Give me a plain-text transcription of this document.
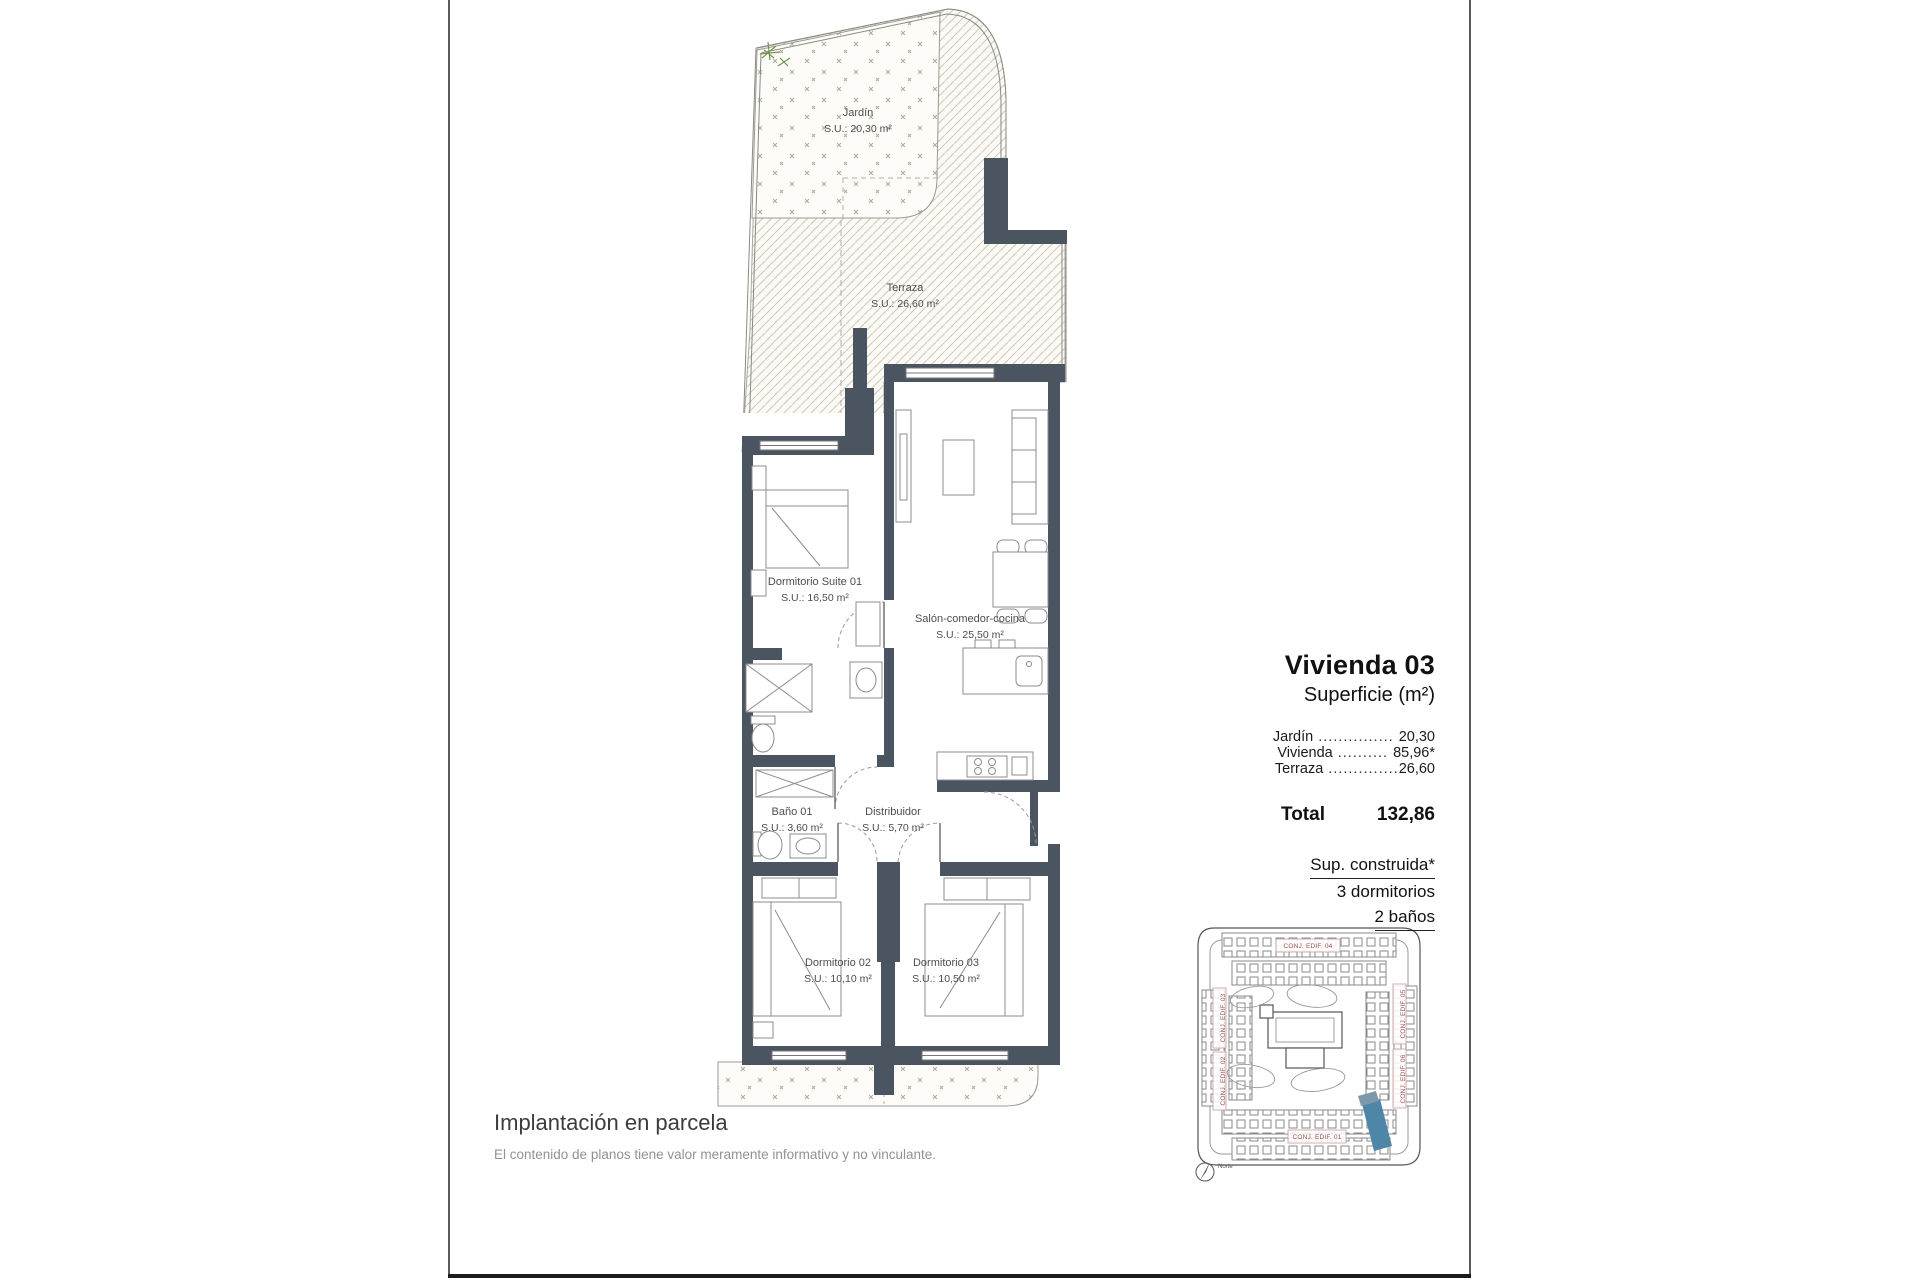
Jardín
S.U.: 20,30 m²
Terraza
S.U.: 26,60 m²
Dormitorio Suite 01
S.U.: 16,50 m²
Salón-comedor-cocina
S.U.: 25,50 m²
Baño 01
S.U.: 3,60 m²
Distribuidor
S.U.: 5,70 m²
Dormitorio 02
S.U.: 10,10 m²
Dormitorio 03
S.U.: 10,50 m²
CONJ. EDIF. 04
CONJ. EDIF. 03
CONJ. EDIF. 02
CONJ. EDIF. 05
CONJ. EDIF. 06
CONJ. EDIF. 01
Norte
Vivienda 03
Superficie (m²)
Jardín ............... 20,30
Vivienda .......... 85,96*
Terraza ..............26,60
Total	132,86
Sup. construida*
3 dormitorios
2 baños
Implantación en parcela
El contenido de planos tiene valor meramente informativo y no vinculante.
